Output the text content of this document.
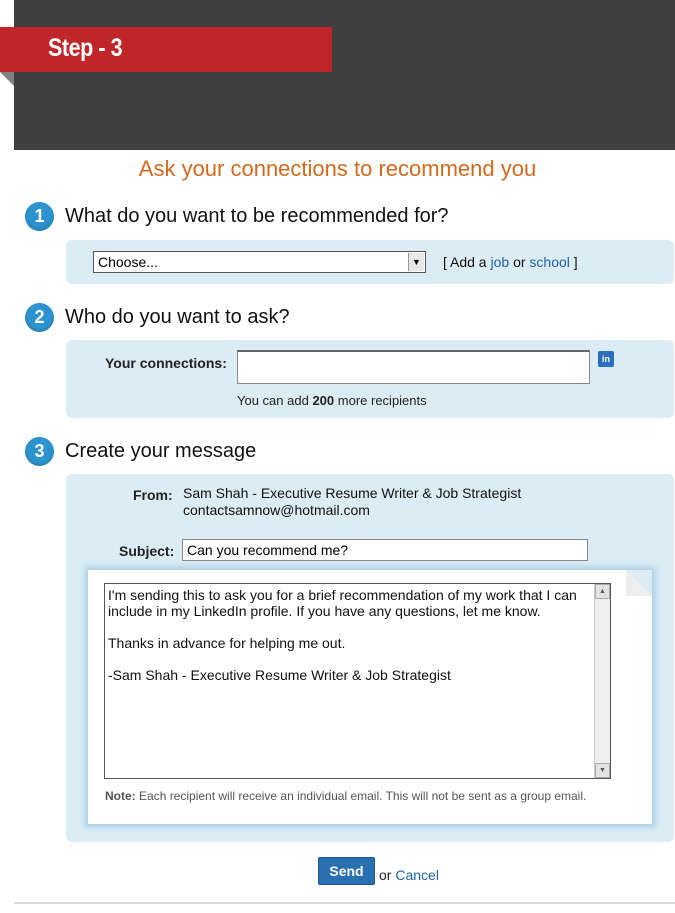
Step - 3
Ask your connections to recommend you
1	What do you want to be recommended for?
Choose...	▼ [ Add a job or school ]
2	Who do you want to ask?
Your connections:	in
You can add 200 more recipients
3	Create your message
From: Sam Shah - Executive Resume Writer & Job Strategist
contactsamnow@hotmail.com
Subject: Can you recommend me?
I'm sending this to ask you for a brief recommendation of my work that I can
include in my LinkedIn profile. If you have any questions, let me know.
Thanks in advance for helping me out.
-Sam Shah - Executive Resume Writer & Job Strategist
▲
▼
Note: Each recipient will receive an individual email. This will not be sent as a group email.
Send	or Cancel
